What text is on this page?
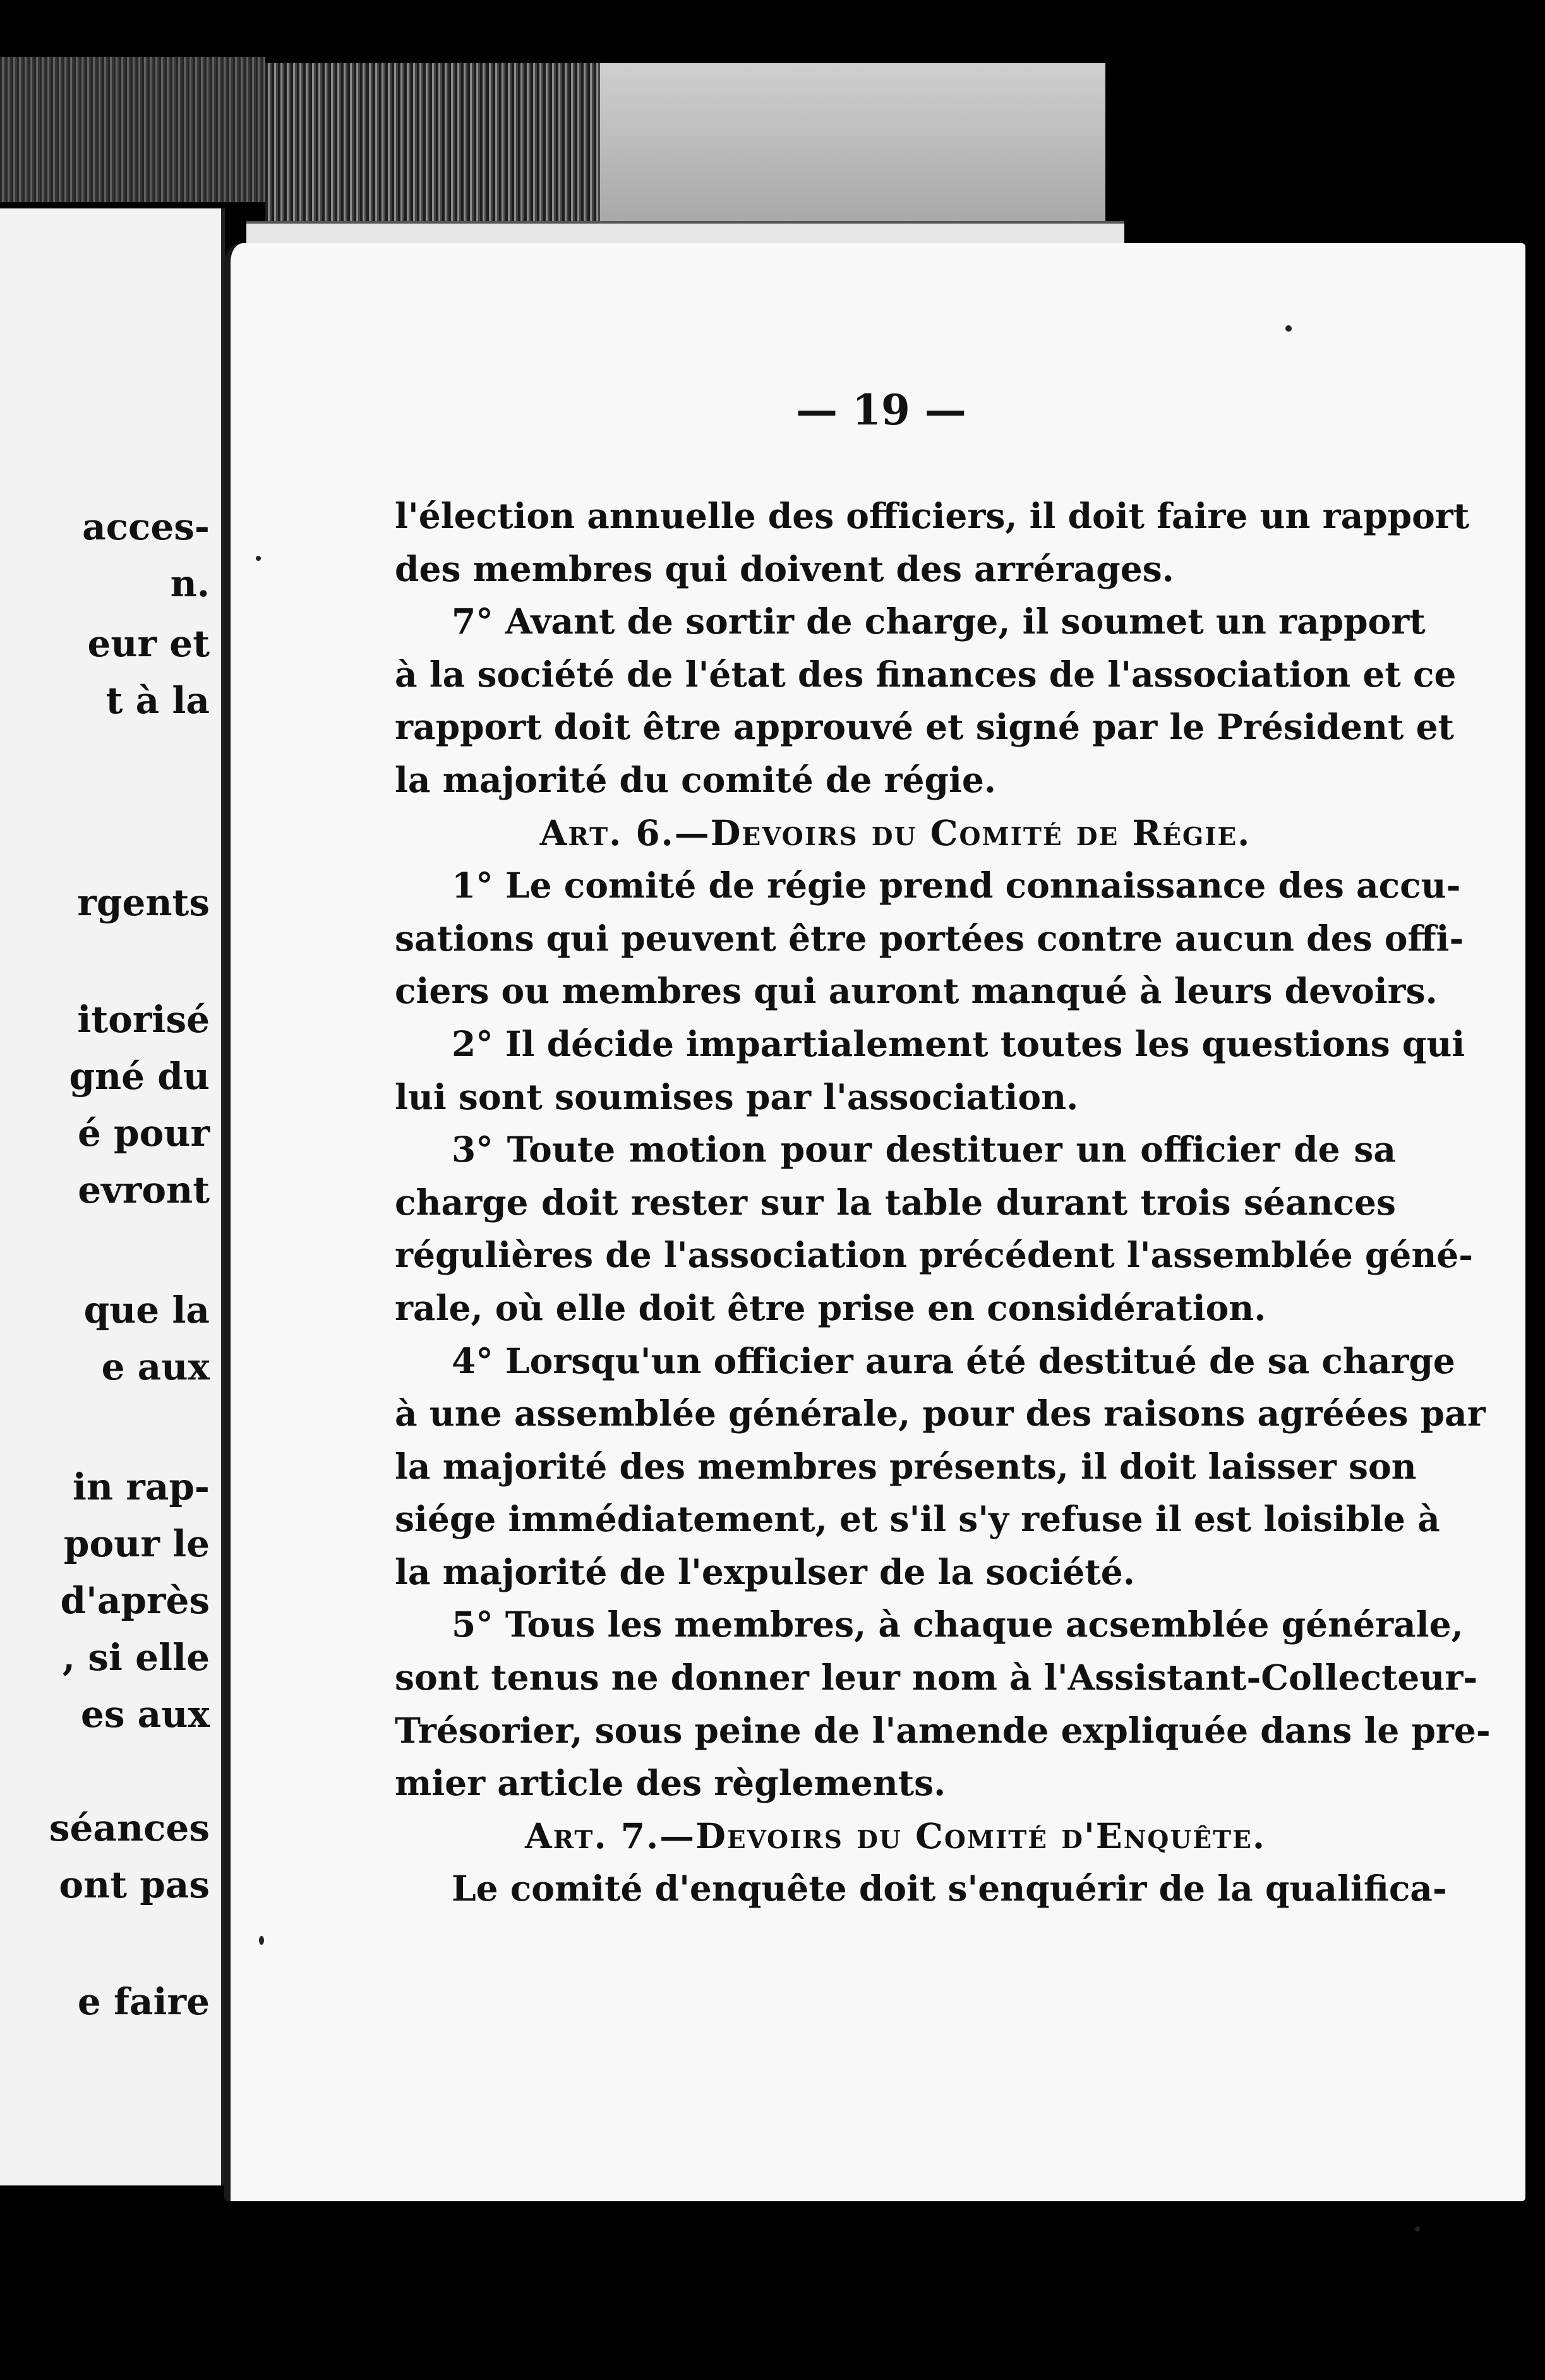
acces-
n.
eur et
t à la
rgents
itorisé
gné du
é pour
evront
que la
e aux
in rap-
pour le
d'après
, si elle
es aux
séances
ont pas
e faire
— 19 —
l'élection annuelle des officiers, il doit faire un rapport
des membres qui doivent des arrérages.
7° Avant de sortir de charge, il soumet un rapport
à la société de l'état des finances de l'association et ce
rapport doit être approuvé et signé par le Président et
la majorité du comité de régie.
Art. 6.—Devoirs du Comité de Régie.
1° Le comité de régie prend connaissance des accu-
sations qui peuvent être portées contre aucun des offi-
ciers ou membres qui auront manqué à leurs devoirs.
2° Il décide impartialement toutes les questions qui
lui sont soumises par l'association.
3° Toute motion pour destituer un officier de sa
charge doit rester sur la table durant trois séances
régulières de l'association précédent l'assemblée géné-
rale, où elle doit être prise en considération.
4° Lorsqu'un officier aura été destitué de sa charge
à une assemblée générale, pour des raisons agréées par
la majorité des membres présents, il doit laisser son
siége immédiatement, et s'il s'y refuse il est loisible à
la majorité de l'expulser de la société.
5° Tous les membres, à chaque acsemblée générale,
sont tenus ne donner leur nom à l'Assistant-Collecteur-
Trésorier, sous peine de l'amende expliquée dans le pre-
mier article des règlements.
Art. 7.—Devoirs du Comité d'Enquête.
Le comité d'enquête doit s'enquérir de la qualifica-
